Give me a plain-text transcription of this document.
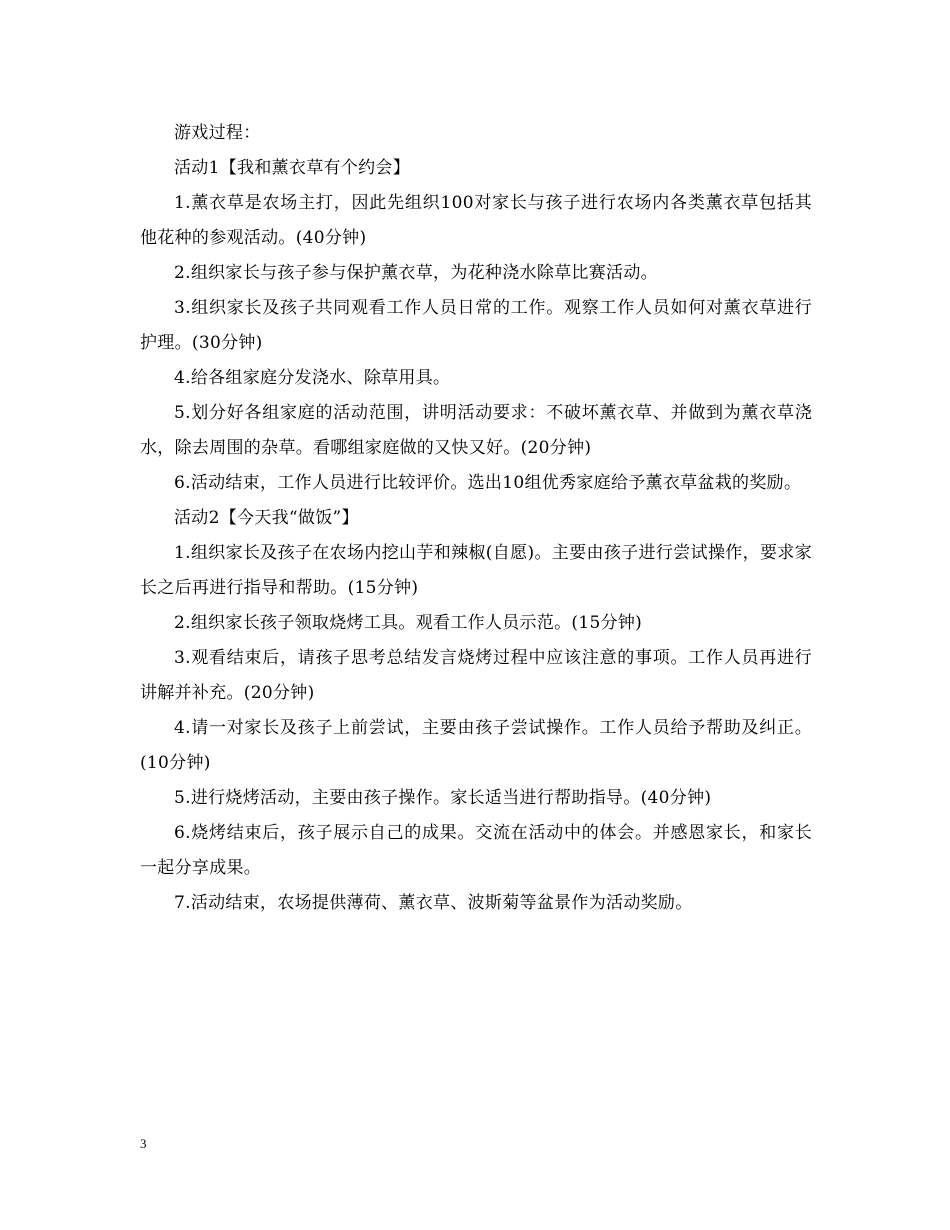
游戏过程：

活动1【我和薰衣草有个约会】

1.薰衣草是农场主打，因此先组织100对家长与孩子进行农场内各类薰衣草包括其他花种的参观活动。(40分钟)

2.组织家长与孩子参与保护薰衣草，为花种浇水除草比赛活动。

3.组织家长及孩子共同观看工作人员日常的工作。观察工作人员如何对薰衣草进行护理。(30分钟)

4.给各组家庭分发浇水、除草用具。

5.划分好各组家庭的活动范围，讲明活动要求：不破坏薰衣草、并做到为薰衣草浇水，除去周围的杂草。看哪组家庭做的又快又好。(20分钟)

6.活动结束，工作人员进行比较评价。选出10组优秀家庭给予薰衣草盆栽的奖励。

活动2【今天我“做饭”】

1.组织家长及孩子在农场内挖山芋和辣椒(自愿)。主要由孩子进行尝试操作，要求家长之后再进行指导和帮助。(15分钟)

2.组织家长孩子领取烧烤工具。观看工作人员示范。(15分钟)

3.观看结束后，请孩子思考总结发言烧烤过程中应该注意的事项。工作人员再进行讲解并补充。(20分钟)

4.请一对家长及孩子上前尝试，主要由孩子尝试操作。工作人员给予帮助及纠正。(10分钟)

5.进行烧烤活动，主要由孩子操作。家长适当进行帮助指导。(40分钟)

6.烧烤结束后，孩子展示自己的成果。交流在活动中的体会。并感恩家长，和家长一起分享成果。

7.活动结束，农场提供薄荷、薰衣草、波斯菊等盆景作为活动奖励。

3
